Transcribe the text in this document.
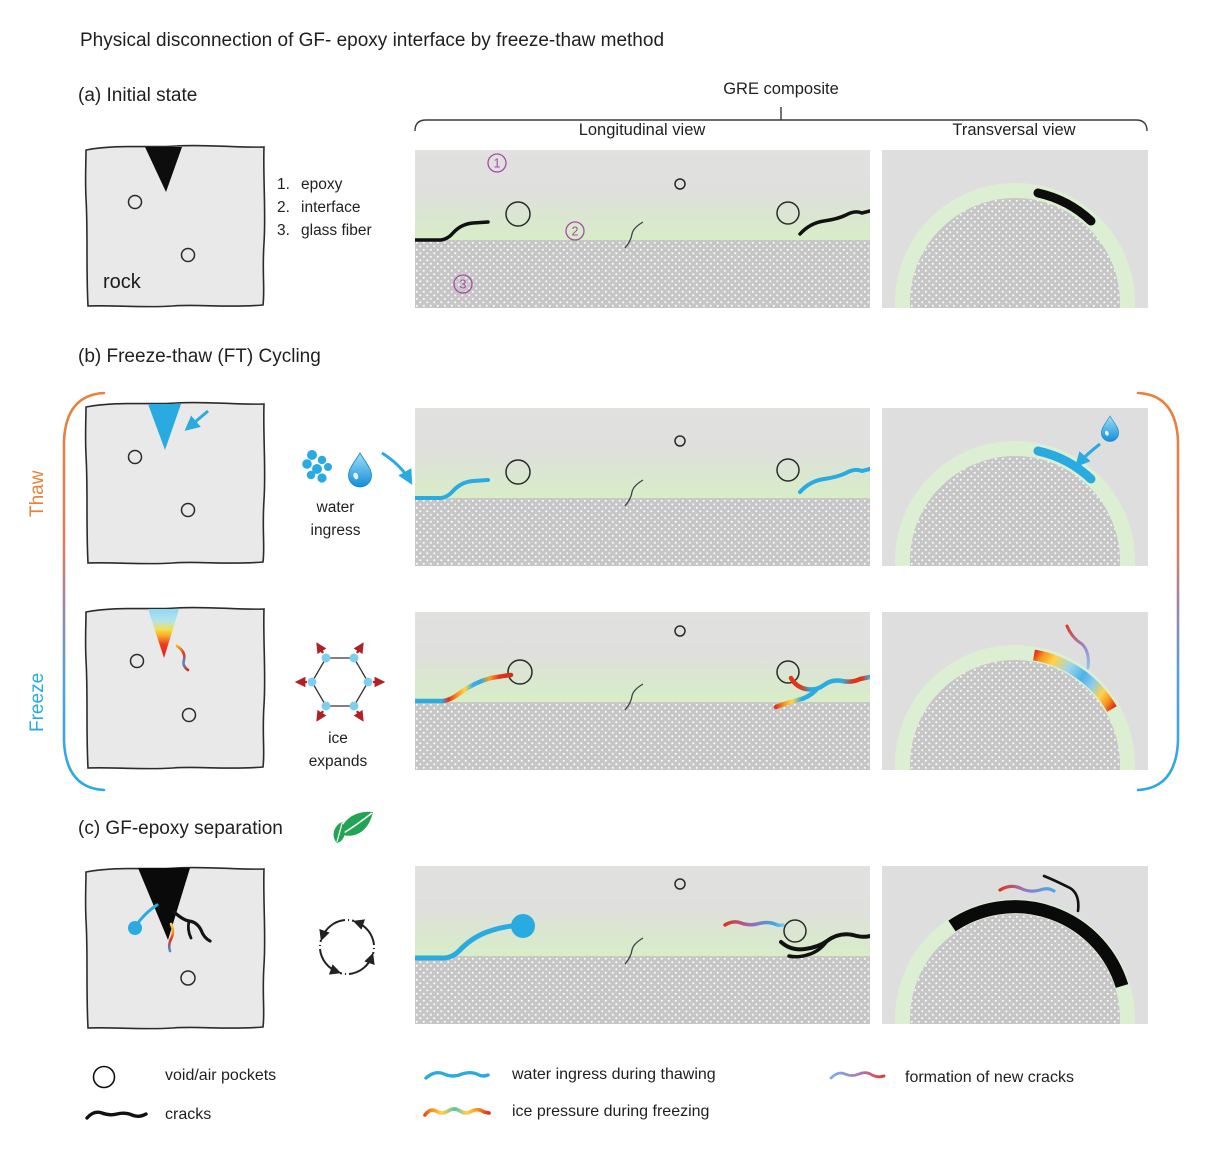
Physical disconnection of GF- epoxy interface by freeze-thaw method
(a) Initial state
(b) Freeze-thaw (FT) Cycling
(c) GF-epoxy separation
GRE composite
Longitudinal view	Transversal view
rock
1. epoxy
2. interface
3. glass fiber
1
2
3
Thaw
Freeze
water
ingress
ice
expands
void/air pockets
cracks
water ingress during thawing
ice pressure during freezing
formation of new cracks
